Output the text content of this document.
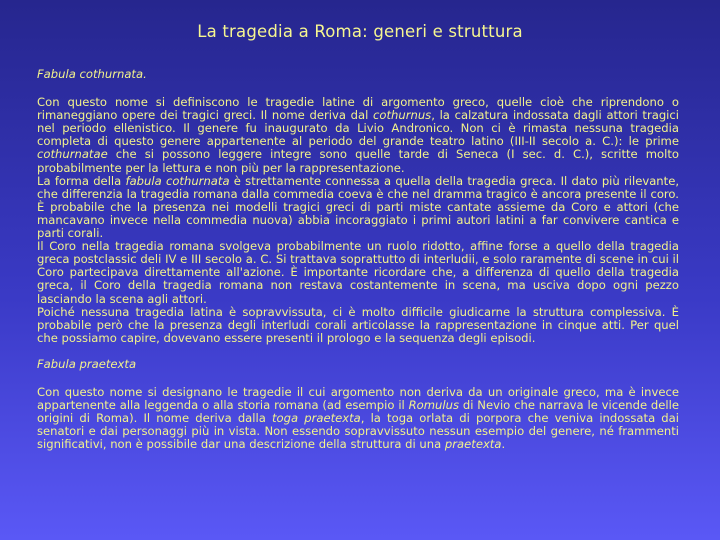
La tragedia a Roma: generi e struttura

Fabula cothurnata.

Con questo nome si definiscono le tragedie latine di argomento greco, quelle cioè che riprendono o rimaneggiano opere dei tragici greci. Il nome deriva dal cothurnus, la calzatura indossata dagli attori tragici nel periodo ellenistico. Il genere fu inaugurato da Livio Andronico. Non ci è rimasta nessuna tragedia completa di questo genere appartenente al periodo del grande teatro latino (III-II secolo a. C.): le prime cothurnatae che si possono leggere integre sono quelle tarde di Seneca (I sec. d. C.), scritte molto probabilmente per la lettura e non più per la rappresentazione.

La forma della fabula cothurnata è strettamente connessa a quella della tragedia greca. Il dato più rilevante, che differenzia la tragedia romana dalla commedia coeva è che nel dramma tragico è ancora presente il coro. È probabile che la presenza nei modelli tragici greci di parti miste cantate assieme da Coro e attori (che mancavano invece nella commedia nuova) abbia incoraggiato i primi autori latini a far convivere cantica e parti corali.

Il Coro nella tragedia romana svolgeva probabilmente un ruolo ridotto, affine forse a quello della tragedia greca postclassic deli IV e III secolo a. C. Si trattava soprattutto di interludii, e solo raramente di scene in cui il Coro partecipava direttamente all'azione. È importante ricordare che, a differenza di quello della tragedia greca, il Coro della tragedia romana non restava costantemente in scena, ma usciva dopo ogni pezzo lasciando la scena agli attori.

Poiché nessuna tragedia latina è sopravvissuta, ci è molto difficile giudicarne la struttura complessiva. È probabile però che la presenza degli interludi corali articolasse la rappresentazione in cinque atti. Per quel che possiamo capire, dovevano essere presenti il prologo e la sequenza degli episodi.

Fabula praetexta

Con questo nome si designano le tragedie il cui argomento non deriva da un originale greco, ma è invece appartenente alla leggenda o alla storia romana (ad esempio il Romulus di Nevio che narrava le vicende delle origini di Roma). Il nome deriva dalla toga praetexta, la toga orlata di porpora che veniva indossata dai senatori e dai personaggi più in vista. Non essendo sopravvissuto nessun esempio del genere, né frammenti significativi, non è possibile dar una descrizione della struttura di una praetexta.
